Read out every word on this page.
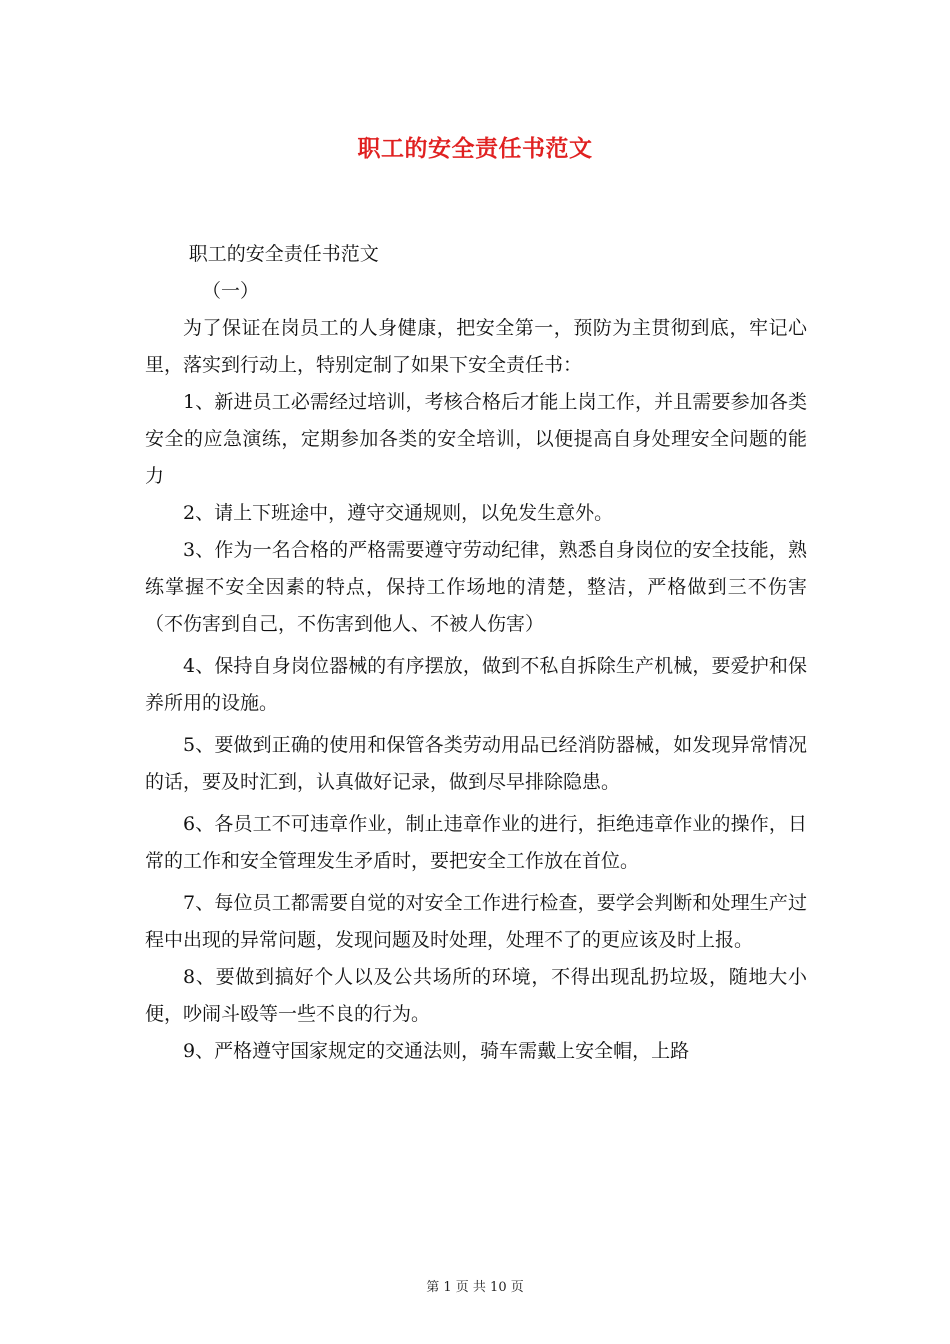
职工的安全责任书范文

职工的安全责任书范文

（一）

为了保证在岗员工的人身健康，把安全第一，预防为主贯彻到底，牢记心里，落实到行动上，特别定制了如果下安全责任书：

1、新进员工必需经过培训，考核合格后才能上岗工作，并且需要参加各类安全的应急演练，定期参加各类的安全培训，以便提高自身处理安全问题的能力

2、请上下班途中，遵守交通规则，以免发生意外。

3、作为一名合格的严格需要遵守劳动纪律，熟悉自身岗位的安全技能，熟练掌握不安全因素的特点，保持工作场地的清楚，整洁，严格做到三不伤害（不伤害到自己，不伤害到他人、不被人伤害）

4、保持自身岗位器械的有序摆放，做到不私自拆除生产机械，要爱护和保养所用的设施。

5、要做到正确的使用和保管各类劳动用品已经消防器械，如发现异常情况的话，要及时汇到，认真做好记录，做到尽早排除隐患。

6、各员工不可违章作业，制止违章作业的进行，拒绝违章作业的操作，日常的工作和安全管理发生矛盾时，要把安全工作放在首位。

7、每位员工都需要自觉的对安全工作进行检查，要学会判断和处理生产过程中出现的异常问题，发现问题及时处理，处理不了的更应该及时上报。

8、要做到搞好个人以及公共场所的环境，不得出现乱扔垃圾，随地大小便，吵闹斗殴等一些不良的行为。

9、严格遵守国家规定的交通法则，骑车需戴上安全帽，上路

第 1 页 共 10 页
